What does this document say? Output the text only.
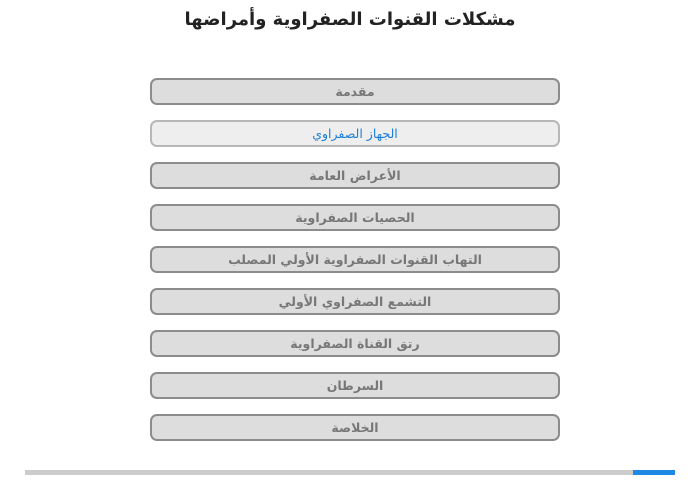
مشكلات القنوات الصفراوية وأمراضها
مقدمة
الجهاز الصفراوي
الأعراض العامة
الحصيات الصفراوية
التهاب القنوات الصفراوية الأولي المصلب
التشمع الصفراوي الأولي
رتق القناة الصفراوية
السرطان
الخلاصة
